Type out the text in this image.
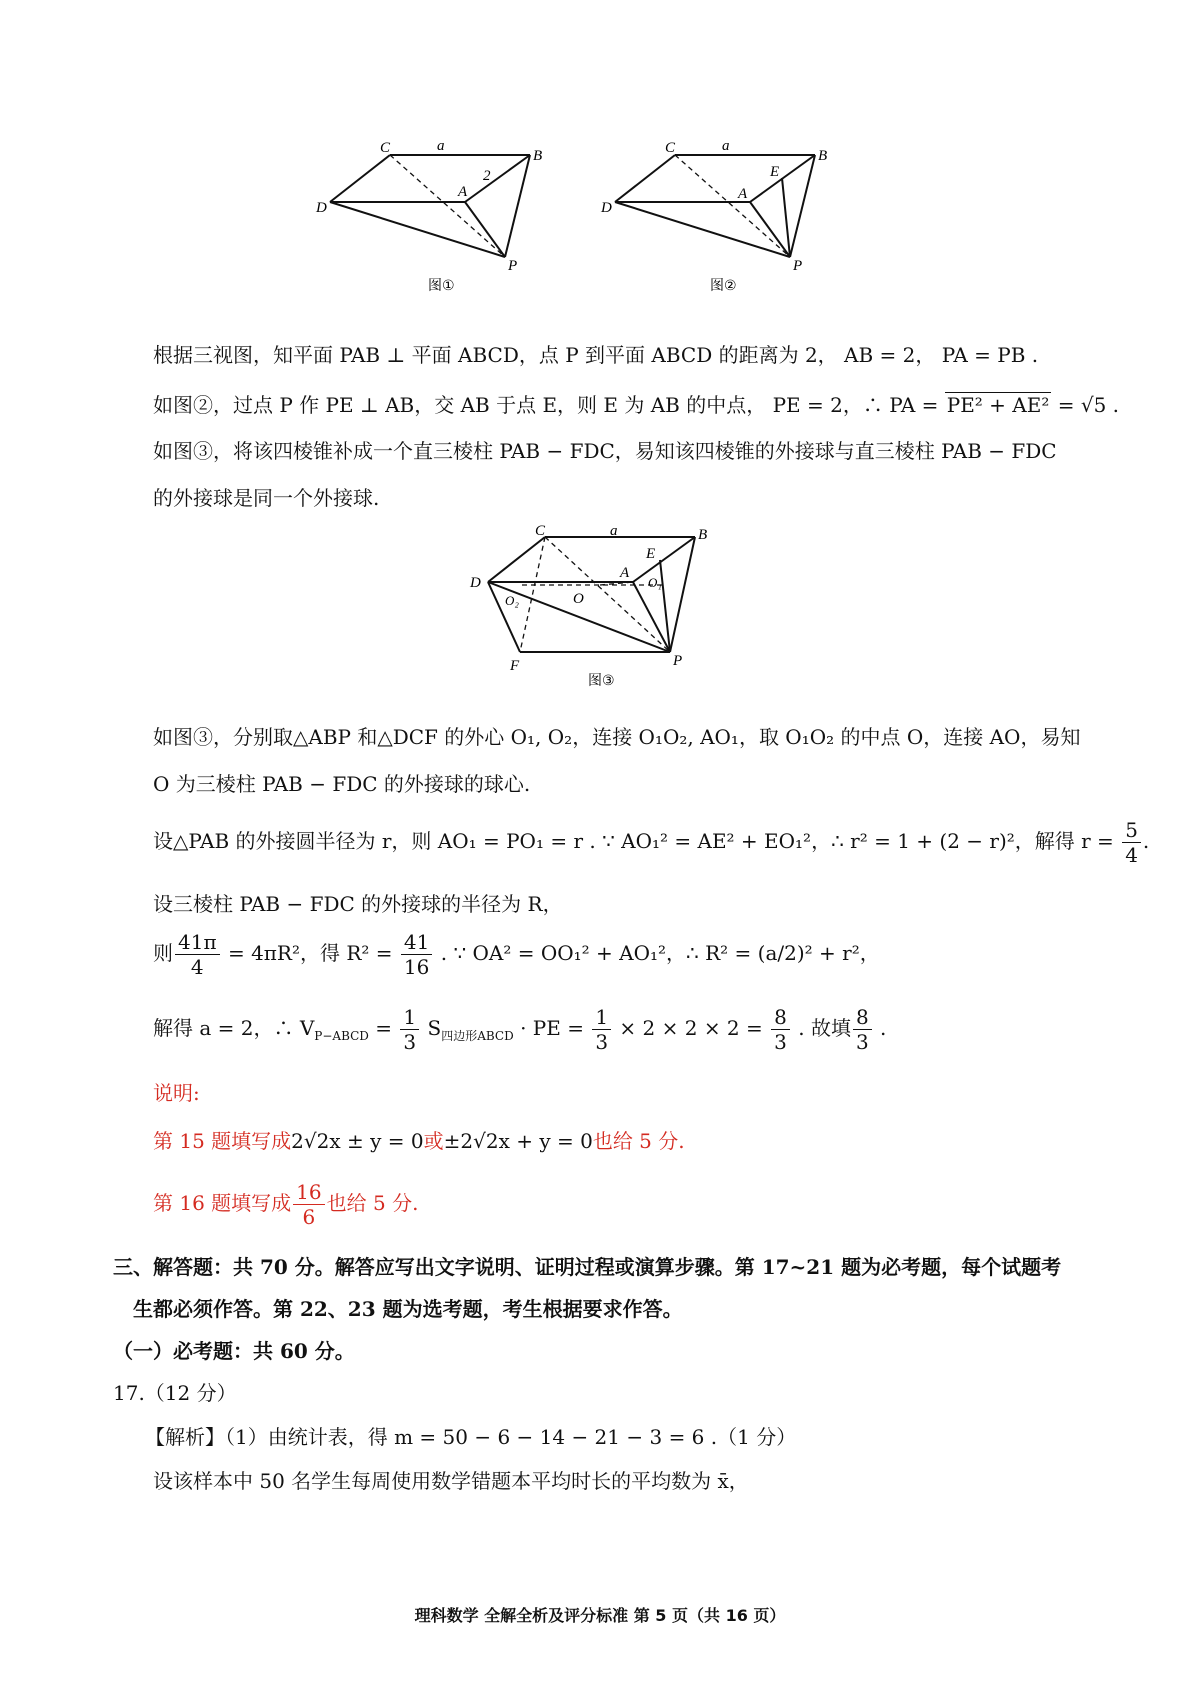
C	a
B
2
A
D
P
图①
C	a
B
E
A
D
P
图②
根据三视图，知平面 PAB ⊥ 平面 ABCD，点 P 到平面 ABCD 的距离为 2， AB = 2， PA = PB .
如图②，过点 P 作 PE ⊥ AB，交 AB 于点 E，则 E 为 AB 的中点， PE = 2，∴ PA = PE² + AE² = √5 .
如图③，将该四棱锥补成一个直三棱柱 PAB − FDC，易知该四棱锥的外接球与直三棱柱 PAB − FDC
的外接球是同一个外接球.
C	a	B
E
A
O₁
D
O₂	O
F	P
图③
如图③，分别取△ABP 和△DCF 的外心 O₁, O₂，连接 O₁O₂, AO₁，取 O₁O₂ 的中点 O，连接 AO，易知
O 为三棱柱 PAB − FDC 的外接球的球心.
设△PAB 的外接圆半径为 r，则 AO₁ = PO₁ = r . ∵ AO₁² = AE² + EO₁²，∴ r² = 1 + (2 − r)²，解得 $r = \frac{5}{4}$ .
设三棱柱 PAB − FDC 的外接球的半径为 R，
则 $\frac{41\pi}{4} = 4\pi R^2$，得 $R^2 = \frac{41}{16}$ . ∵ OA² = OO₁² + AO₁²，∴ R² = (a/2)² + r²，
解得 a = 2，∴ $V_{P-ABCD} = \frac{1}{3} S_{四边形ABCD}$ · PE = $\frac{1}{3} \times 2 \times 2 \times 2 = \frac{8}{3}$ . 故填 $\frac{8}{3}$ .
说明:
第 15 题填写成2√2x ± y = 0或±2√2x + y = 0也给 5 分.
第 16 题填写成 $\frac{16}{6}$ 也给 5 分.
三、解答题：共 70 分。解答应写出文字说明、证明过程或演算步骤。第 17~21 题为必考题，每个试题考
生都必须作答。第 22、23 题为选考题，考生根据要求作答。
（一）必考题：共 60 分。
17.（12 分）
【解析】（1）由统计表，得 m = 50 − 6 − 14 − 21 − 3 = 6 .（1 分）
设该样本中 50 名学生每周使用数学错题本平均时长的平均数为 x̄，
理科数学 全解全析及评分标准 第 5 页（共 16 页）
